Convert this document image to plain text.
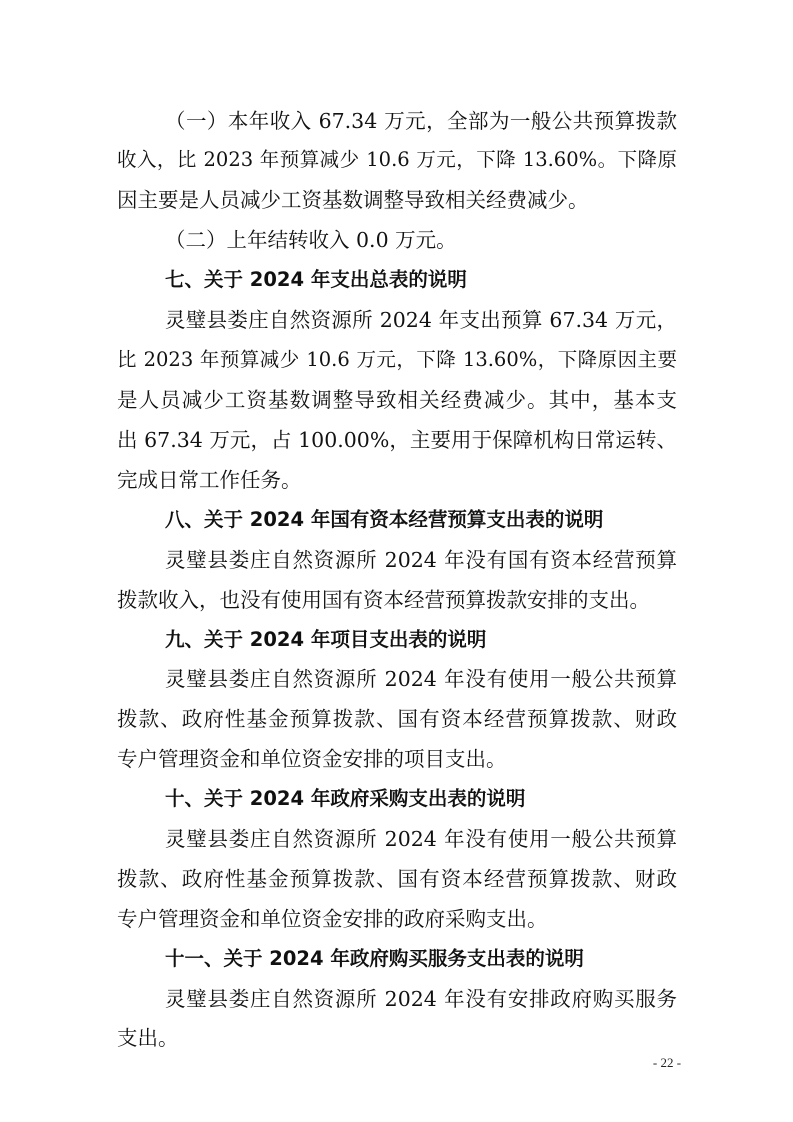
（一）本年收入 67.34 万元，全部为一般公共预算拨款
收入，比 2023 年预算减少 10.6 万元，下降 13.60%。下降原
因主要是人员减少工资基数调整导致相关经费减少。
（二）上年结转收入 0.0 万元。
七、关于 2024 年支出总表的说明
灵璧县娄庄自然资源所 2024 年支出预算 67.34 万元，
比 2023 年预算减少 10.6 万元，下降 13.60%，下降原因主要
是人员减少工资基数调整导致相关经费减少。其中，基本支
出 67.34 万元，占 100.00%，主要用于保障机构日常运转、
完成日常工作任务。
八、关于 2024 年国有资本经营预算支出表的说明
灵璧县娄庄自然资源所 2024 年没有国有资本经营预算
拨款收入，也没有使用国有资本经营预算拨款安排的支出。
九、关于 2024 年项目支出表的说明
灵璧县娄庄自然资源所 2024 年没有使用一般公共预算
拨款、政府性基金预算拨款、国有资本经营预算拨款、财政
专户管理资金和单位资金安排的项目支出。
十、关于 2024 年政府采购支出表的说明
灵璧县娄庄自然资源所 2024 年没有使用一般公共预算
拨款、政府性基金预算拨款、国有资本经营预算拨款、财政
专户管理资金和单位资金安排的政府采购支出。
十一、关于 2024 年政府购买服务支出表的说明
灵璧县娄庄自然资源所 2024 年没有安排政府购买服务
支出。
- 22 -
